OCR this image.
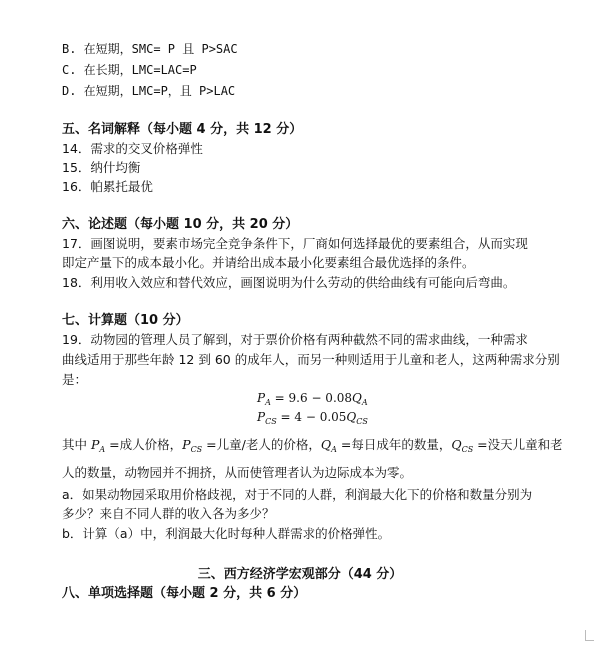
B. 在短期，SMC= P 且 P>SAC
C. 在长期，LMC=LAC=P
D. 在短期，LMC=P，且 P>LAC
五、名词解释（每小题 4 分，共 12 分）
14．需求的交叉价格弹性
15．纳什均衡
16．帕累托最优
六、论述题（每小题 10 分，共 20 分）
17．画图说明，要素市场完全竞争条件下，厂商如何选择最优的要素组合，从而实现
即定产量下的成本最小化。并请给出成本最小化要素组合最优选择的条件。
18．利用收入效应和替代效应，画图说明为什么劳动的供给曲线有可能向后弯曲。
七、计算题（10 分）
19．动物园的管理人员了解到，对于票价价格有两种截然不同的需求曲线，一种需求
曲线适用于那些年龄 12 到 60 的成年人，而另一种则适用于儿童和老人，这两种需求分别
是：
$P_A = 9.6 - 0.08Q_A$
$P_{CS} = 4 - 0.05Q_{CS}$
其中 $P_A$ =成人价格，$P_{CS}$ =儿童/老人的价格，$Q_A$ =每日成年的数量，$Q_{CS}$ =没天儿童和老
人的数量，动物园并不拥挤，从而使管理者认为边际成本为零。
a．如果动物园采取用价格歧视，对于不同的人群，利润最大化下的价格和数量分别为
多少？来自不同人群的收入各为多少？
b．计算（a）中，利润最大化时每种人群需求的价格弹性。
三、西方经济学宏观部分（44 分）
八、单项选择题（每小题 2 分，共 6 分）
